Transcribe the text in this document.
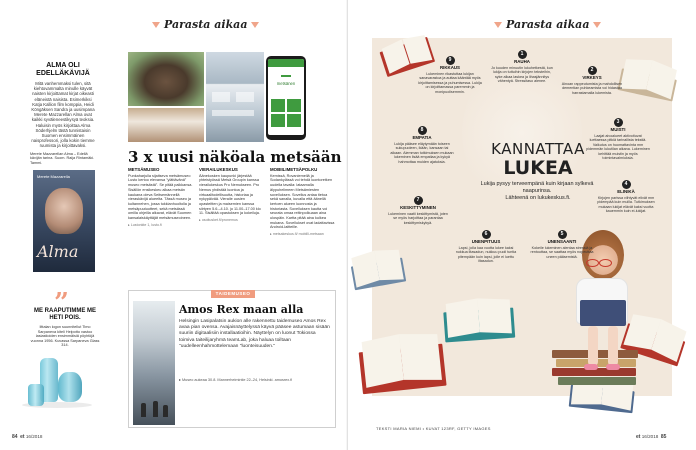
Parasta aikaa
ALMA OLI EDELLÄKÄVIJÄ

Mitä vanhemmaksi tulen, sitä kiehtovammalta minulle käyvät naisten kirjoittamat kirjat oikeasti eläneistä naisista. Esimerkiksi Katja Kallion film komppia, Heidi Köngäksen Sandra ja uusimpana Merete Mazzarellan Alma ovat kaikki syväleneestikysyä teoksia. Haluisin myös kirjoittaa Alma Söderhjelm tästä tunnistaisin Suomen ensimmäinen naisprofessori, jolla kokin tiemme ruumista ja kirjoittavaksi.

Merete Mazzarellan Alma – Edellä kävijän tarina. Suom. Raija Rintamäki. Tammi.

Merete Mazzarella
Alma
”
ME RAAPUTIMME ME HETI POIS.

Iittalan logon suunnitellut Timo Sarpaneva kiteli Helpotto vastoo lasiastioiden ensimmäisiä pöyhtöjä vuonna 1956. Kuvassa Sarpaneva Glass 314.

metsänen
3 x uusi näköala metsään
METSÄMUSEO
Punkaharjulla sijaitseva metsämuseo Lusto kertoo elevansa "ylättävänä" museo metsästä". Se pitää paikkansa. Sisällön ensikeskeu alkaa metsän kaukana oleva Seitsemännellä vieraskävijä alueelta. Tässä museo ja kultannehen, jossa tukkianhuoltolla ja metsäpuutuotteet, sekä metsässä omilla ohjeilla alkavat, elävät Suomen kansalaiskäyttäjät metsämuseoineen.
▸ Lustonkte 1, lusto.fi
VIERAILUKESKUS
Äänekosken kaupunki järjestää yhteistyössä Metsä Groupin kanssa vierailukeskus Pro Nemukseen. Pro Nemus yhdistää luontoa ja virtuaalitodellisuutta, historiaa ja nykypäivää. Vieraile uusien opasteitten ja maisemien kanssa siirtyen 5.6.–4.10. jo 11.00–17.00 klo 11. Sisältää opastuksen ja kokeiluja.
▸ osoitusket.fi/pronemus
MOBIILIMETSÄPOLKU
Kemissä, Rovaniemellä ja Sodankylässä voi tehdä luontoretken uudella tavalla: lataamalla älypuhelimeen Metsämiesten sovelluksen. Sovellus antaa tietoa sekä sanalla, kuvalla että äänellä kertoen alueen luonnosta ja historiasta. Sovelluksen kautta voi seurata omaa reitinpolkuaan aina ulospäin. Kartta pitää aina kulkea mukana. Sovellukset ovat ladattavissa Android-laitteille.
▸ metsakeskus.fi/ mobiili-metsaan
TAIDEMUSEO
Amos Rex maan alla
Helsingin Lasipalatsin aukion alle rakennettu taidemuseo Amos Rex avaa pian ovensa. Avajaisnäyttelyssä käyvä pääsee astumaan sisään suuriin digitaalisiin installaatioihin. Näyttelyn on luonut Tokiossa toimiva taiteilijaryhmä teamLab, joka haluaa toiltaan "uudelleenhahmottelemaan "luonteisuuden."
▸ Museo aukeaa 30.8. Mannerheimintie 22–24, Helsinki. amosrex.fi
84 et 16/2018
Parasta aikaa
KANNATTAA
LUKEA
Lukija pysyy terveempänä kuin kirjaan sylkevä naapurinsa.
Lähteenä on lukukeskus.fi.
1
RAUHA
Jo kuuden minuutin lukuhetkestä, kun lukija on tuttuihin kirjojen teksteihin, syke alkaa laskea ja lihasjännitys vähentyä. Stressitaso alenee.
2
VIRKEYS
Ainoan rappeutumista ja mahdollisen dementian puhkeamista voi hidastaa harrastamalla lukemista.
3
MUISTI
Laajat aivoalueet aktivoituvat luettaessa pitkiä tarinallista tekstiä. Vaikutus on huomattavinta mm pidemmän lukutilan aikana. Lukeminen kehittää muistin ja myös toimintavalmiuksia.
4
ELINIKÄ
Kirjojen parissa viihtyvät elivät mm pidempää kuin muilla. Tutkimuksen mukaan lukijat elävät kaksi vuotta kauemmin kuin ei-lukijat.
5
UNENSAANTI
Kokeile lukeminen alentaa stressiä ja rentouttaa, se saattaa myös nopeuttaa uneen pääsemistä.
6
UNENPITUUS
Lapsi, jolla kaa vuotta lukee kaksi nukkua iltasadun, nukkuu puoli tuntia pitempään kuin lapsi, jolle ei luettu iltasadun.
7
KESKITTYMINEN
Lukeminen vaatii keskittymistä, joten se myös harjoittaa ja parantaa keskittymiskykyä.
8
EMPATIA
Lukija pääsee eläytymään toiseen sukupuoleen, ikään, kansaan tai aikaan. Aiemman tutkimuksen mukaan lukeminen lisää empatiaa ja kykyä hahmottaa muiden ajatuksia.
9
RIKKAUS
Lukeminen rikastuttaa lukijan sanavarastoa ja auttaa kääntää myös kirjoittamisessa ja puhumisessa. Lukija on kirjoittamassa paremmin ja monipuolisemmin.
TEKSTI MARIA NIEMI • KUVAT 123RF, GETTY IMAGES
et 16/2018 85
